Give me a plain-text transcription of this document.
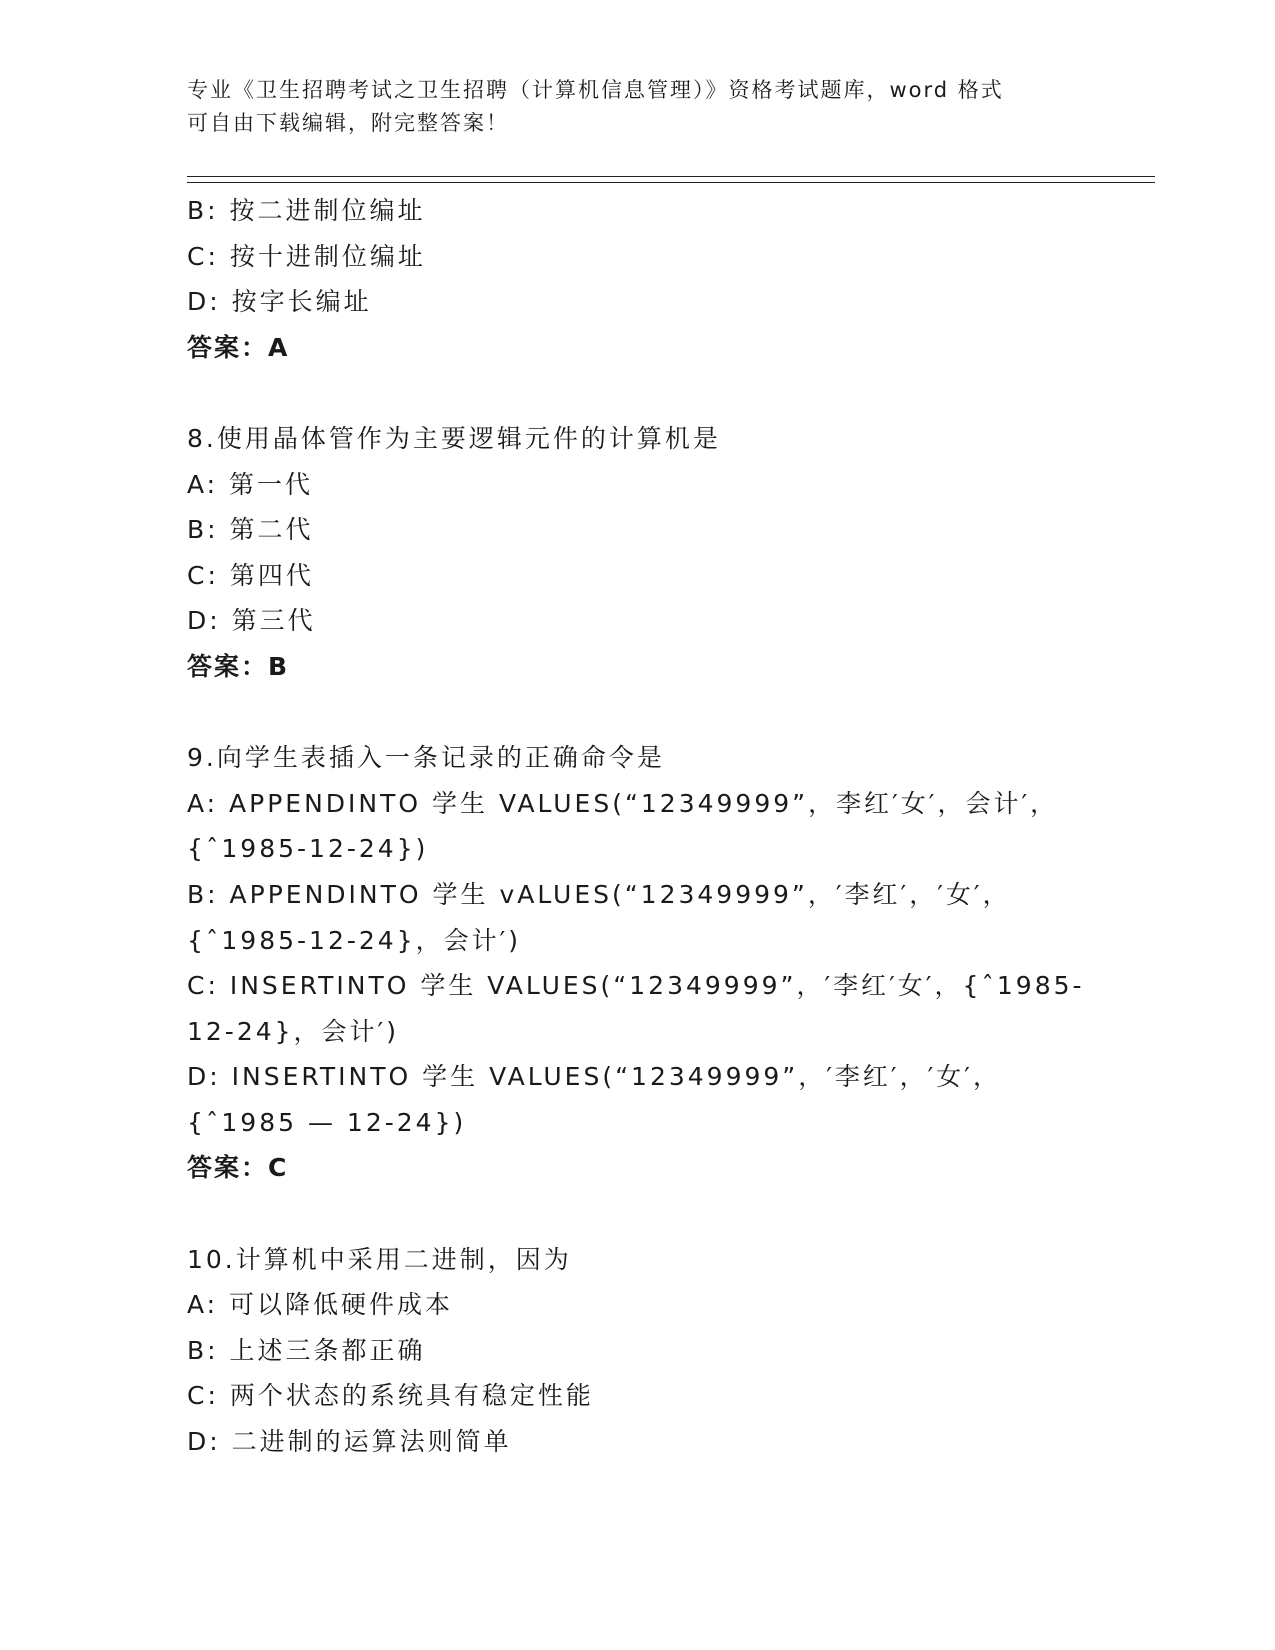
专业《卫生招聘考试之卫生招聘（计算机信息管理）》资格考试题库，word 格式
可自由下载编辑，附完整答案！
B: 按二进制位编址
C: 按十进制位编址
D: 按字长编址
答案：A
8.使用晶体管作为主要逻辑元件的计算机是
A: 第一代
B: 第二代
C: 第四代
D: 第三代
答案：B
9.向学生表插入一条记录的正确命令是
A: APPENDINTO 学生 VALUES(“12349999”，李红′女′，会计′，
{ˆ1985-12-24})
B: APPENDINTO 学生 vALUES(“12349999”，′李红′，′女′，
{ˆ1985-12-24}，会计′)
C: INSERTINTO 学生 VALUES(“12349999”，′李红′女′，{ˆ1985-
12-24}，会计′)
D: INSERTINTO 学生 VALUES(“12349999”，′李红′，′女′，
{ˆ1985 — 12-24})
答案：C
10.计算机中采用二进制，因为
A: 可以降低硬件成本
B: 上述三条都正确
C: 两个状态的系统具有稳定性能
D: 二进制的运算法则简单
